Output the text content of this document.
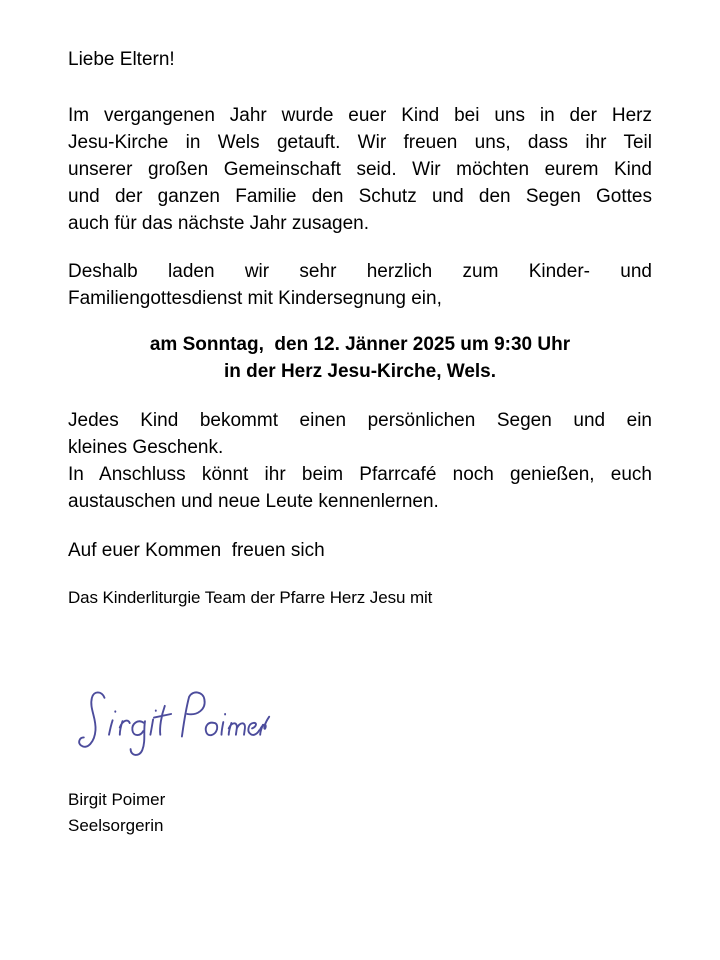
Liebe Eltern!
Im vergangenen Jahr wurde euer Kind bei uns in der Herz
Jesu-Kirche in Wels getauft. Wir freuen uns, dass ihr Teil
unserer großen Gemeinschaft seid. Wir möchten eurem Kind
und der ganzen Familie den Schutz und den Segen Gottes
auch für das nächste Jahr zusagen.
Deshalb laden wir sehr herzlich zum Kinder- und
Familiengottesdienst mit Kindersegnung ein,
am Sonntag,  den 12. Jänner 2025 um 9:30 Uhr
in der Herz Jesu-Kirche, Wels.
Jedes Kind bekommt einen persönlichen Segen und ein
kleines Geschenk.
In Anschluss könnt ihr beim Pfarrcafé noch genießen, euch
austauschen und neue Leute kennenlernen.
Auf euer Kommen  freuen sich
Das Kinderliturgie Team der Pfarre Herz Jesu mit
Birgit Poimer
Seelsorgerin
